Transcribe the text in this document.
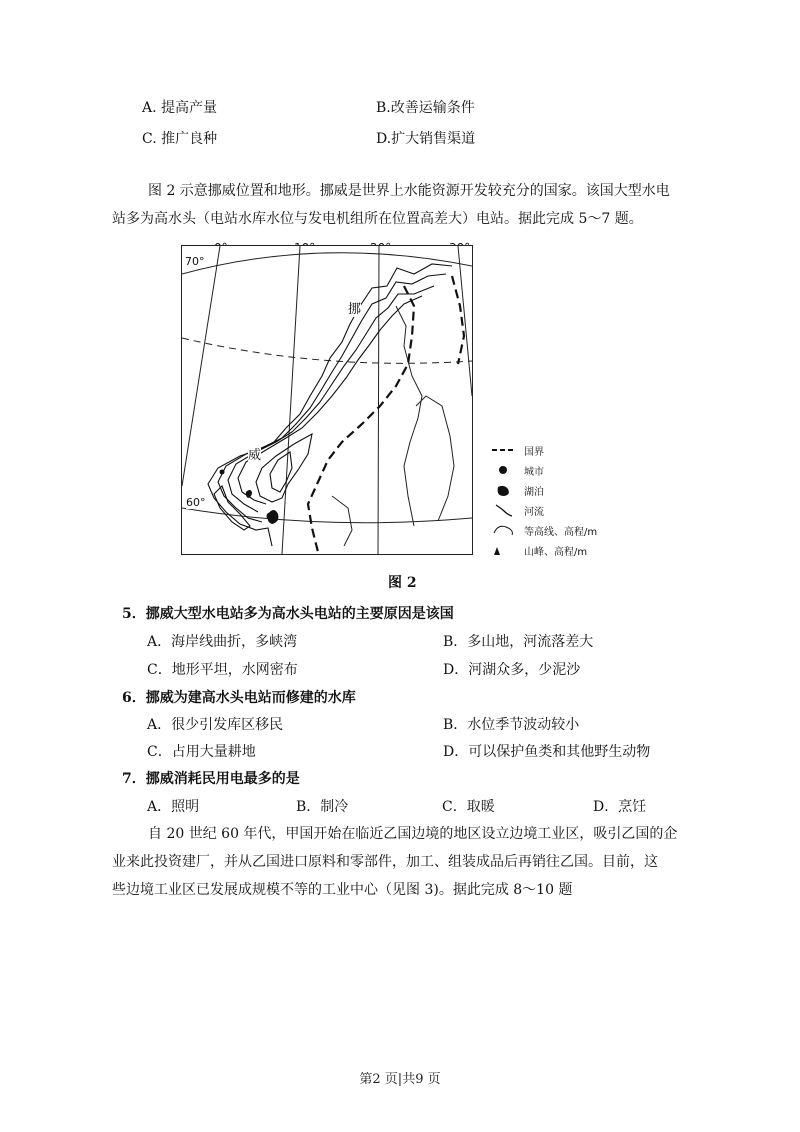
A. 提高产量	B.改善运输条件
C. 推广良种	D.扩大销售渠道
图 2 示意挪威位置和地形。挪威是世界上水能资源开发较充分的国家。该国大型水电
站多为高水头（电站水库水位与发电机组所在位置高差大）电站。据此完成 5～7 题。
挪
威
70°
60°
国界
城市
湖泊
河流
等高线、高程/m
山峰、高程/m
图 2
5．挪威大型水电站多为高水头电站的主要原因是该国
A．海岸线曲折，多峡湾	B．多山地，河流落差大
C．地形平坦，水网密布	D．河湖众多，少泥沙
6．挪威为建高水头电站而修建的水库
A．很少引发库区移民	B．水位季节波动较小
C．占用大量耕地	D．可以保护鱼类和其他野生动物
7．挪威消耗民用电最多的是
A．照明	B．制冷	C．取暖	D．烹饪
自 20 世纪 60 年代，甲国开始在临近乙国边境的地区设立边境工业区，吸引乙国的企
业来此投资建厂，并从乙国进口原料和零部件，加工、组装成品后再销往乙国。目前，这
些边境工业区已发展成规模不等的工业中心（见图 3)。据此完成 8～10 题
第2 页|共9 页
